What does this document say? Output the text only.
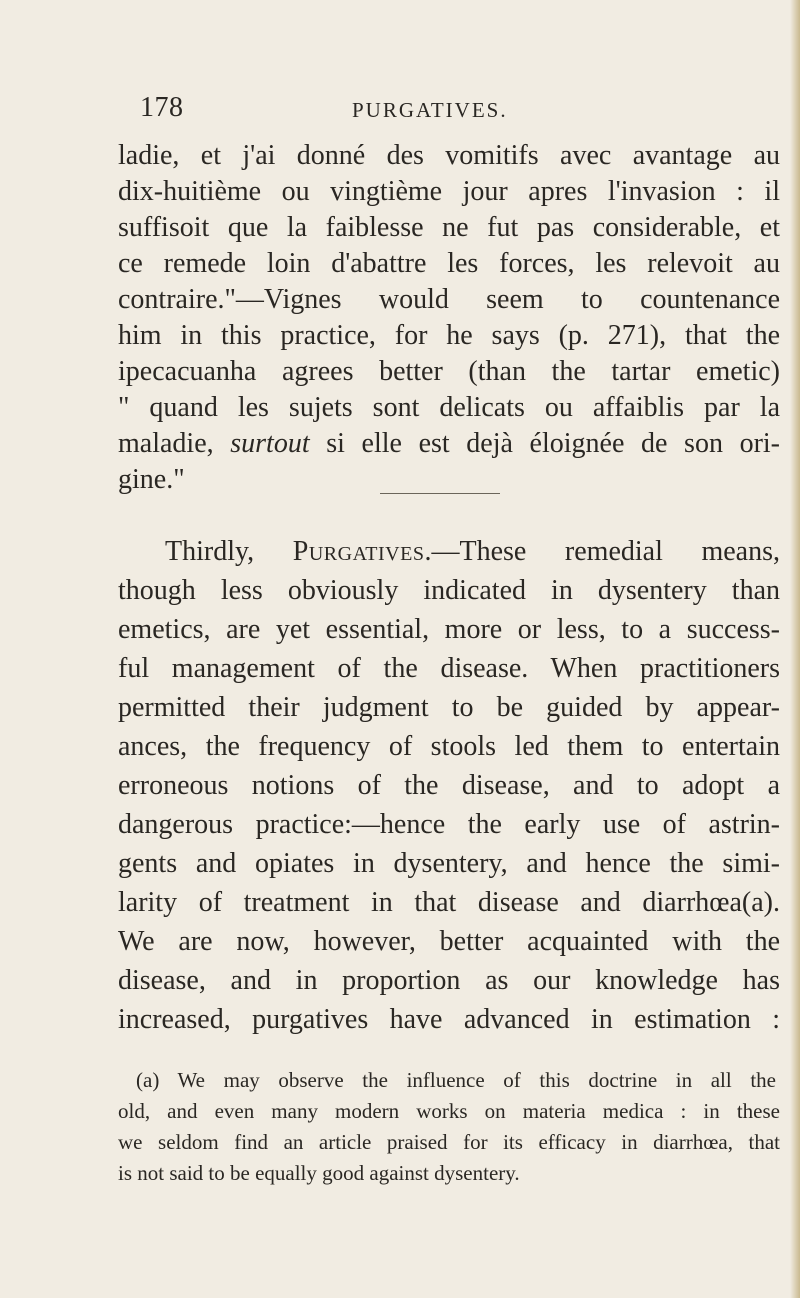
178	PURGATIVES.
ladie, et j'ai donné des vomitifs avec avantage au
dix-huitième ou vingtième jour apres l'invasion : il
suffisoit que la faiblesse ne fut pas considerable, et
ce remede loin d'abattre les forces, les relevoit au
contraire."—Vignes would seem to countenance
him in this practice, for he says (p. 271), that the
ipecacuanha agrees better (than the tartar emetic)
" quand les sujets sont delicats ou affaiblis par la
maladie, surtout si elle est dejà éloignée de son ori-
gine."
Thirdly, Purgatives.—These remedial means,
though less obviously indicated in dysentery than
emetics, are yet essential, more or less, to a success-
ful management of the disease. When practitioners
permitted their judgment to be guided by appear-
ances, the frequency of stools led them to entertain
erroneous notions of the disease, and to adopt a
dangerous practice:—hence the early use of astrin-
gents and opiates in dysentery, and hence the simi-
larity of treatment in that disease and diarrhœa(a).
We are now, however, better acquainted with the
disease, and in proportion as our knowledge has
increased, purgatives have advanced in estimation :
(a) We may observe the influence of this doctrine in all the
old, and even many modern works on materia medica : in these
we seldom find an article praised for its efficacy in diarrhœa, that
is not said to be equally good against dysentery.
